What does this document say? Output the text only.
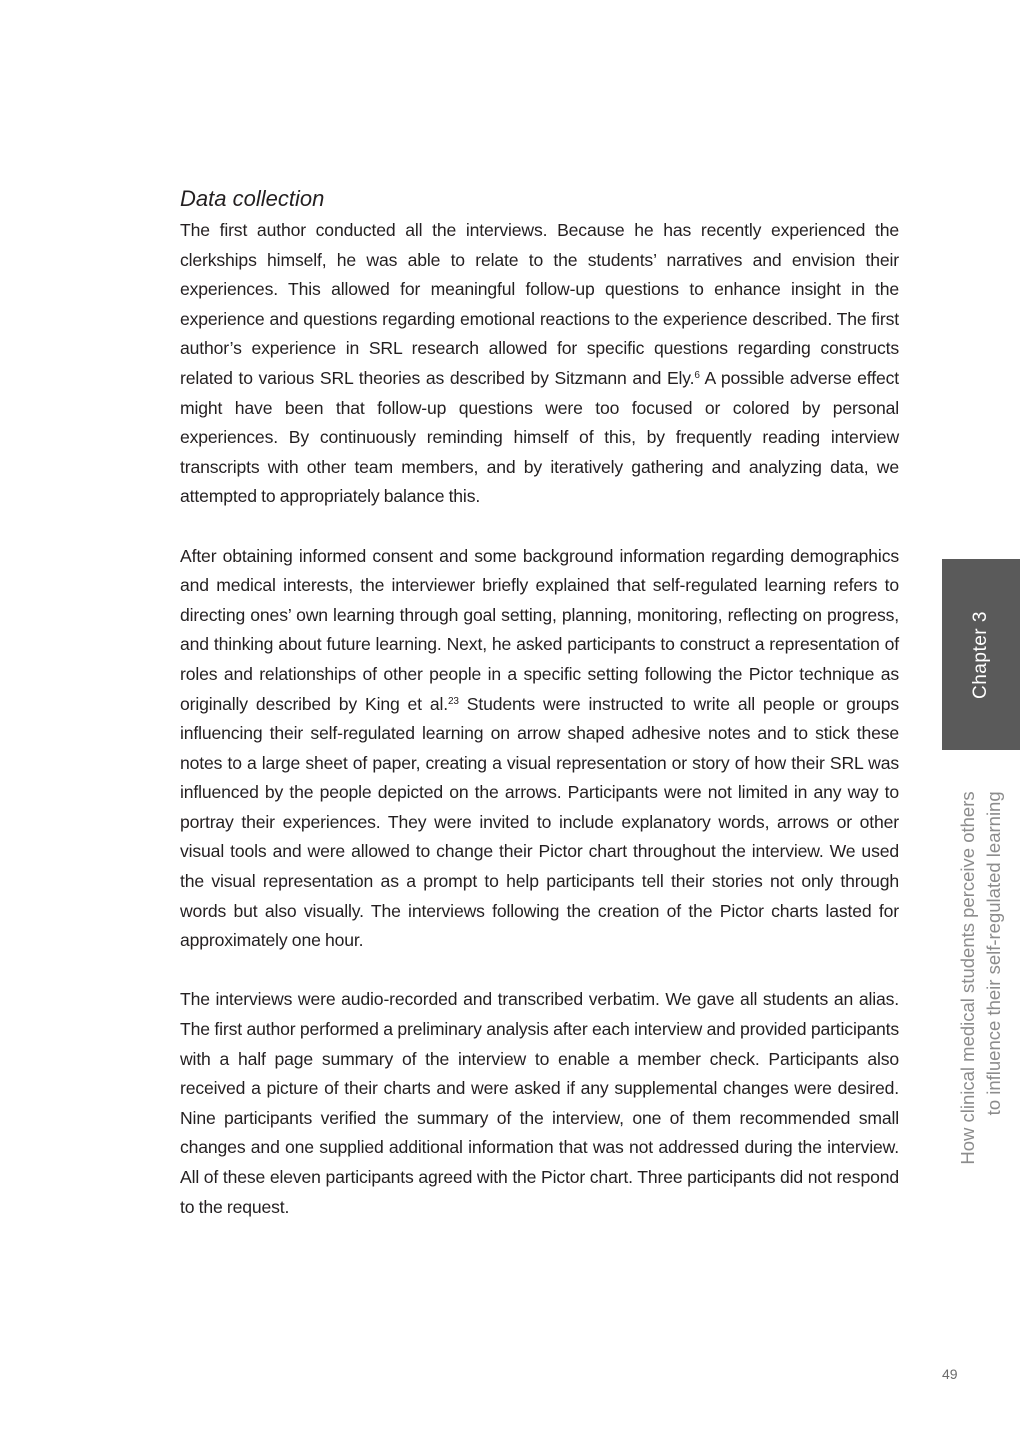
Data collection

The first author conducted all the interviews. Because he has recently experienced the clerkships himself, he was able to relate to the students’ narratives and envision their experiences. This allowed for meaningful follow-up questions to enhance insight in the experience and questions regarding emotional reactions to the experience described. The first author’s experience in SRL research allowed for specific questions regarding constructs related to various SRL theories as described by Sitzmann and Ely.$^6$ A possible adverse effect might have been that follow-up questions were too focused or colored by personal experiences. By continuously reminding himself of this, by frequently reading interview transcripts with other team members, and by iteratively gathering and analyzing data, we attempted to appropriately balance this.

After obtaining informed consent and some background information regarding demographics and medical interests, the interviewer briefly explained that self-regulated learning refers to directing ones’ own learning through goal setting, planning, monitoring, reflecting on progress, and thinking about future learning. Next, he asked participants to construct a representation of roles and relationships of other people in a specific setting following the Pictor technique as originally described by King et al.$^{23}$ Students were instructed to write all people or groups influencing their self-regulated learning on arrow shaped adhesive notes and to stick these notes to a large sheet of paper, creating a visual representation or story of how their SRL was influenced by the people depicted on the arrows. Participants were not limited in any way to portray their experiences. They were invited to include explanatory words, arrows or other visual tools and were allowed to change their Pictor chart throughout the interview. We used the visual representation as a prompt to help participants tell their stories not only through words but also visually. The interviews following the creation of the Pictor charts lasted for approximately one hour.

The interviews were audio-recorded and transcribed verbatim. We gave all students an alias. The first author performed a preliminary analysis after each interview and provided participants with a half page summary of the interview to enable a member check. Participants also received a picture of their charts and were asked if any supplemental changes were desired. Nine participants verified the summary of the interview, one of them recommended small changes and one supplied additional information that was not addressed during the interview. All of these eleven participants agreed with the Pictor chart. Three participants did not respond to the request.

Chapter 3
How clinical medical students perceive others to influence their self-regulated learning
49
